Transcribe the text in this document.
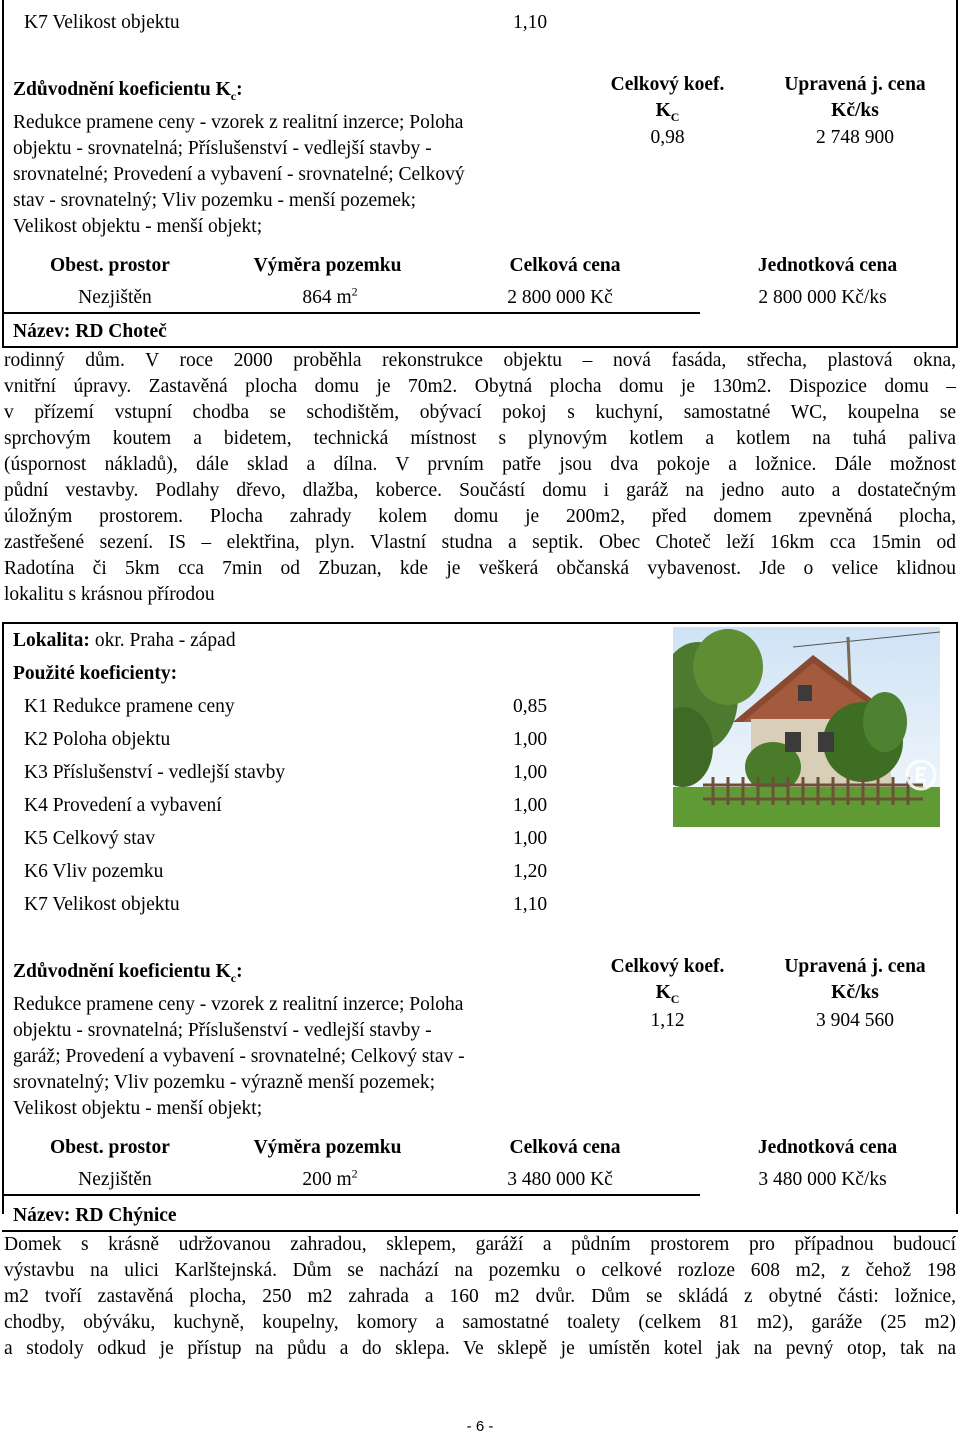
K7 Velikost objektu	1,10
Zdůvodnění koeficientu $K_c$:
Redukce pramene ceny - vzorek z realitní inzerce; Poloha
objektu - srovnatelná; Příslušenství - vedlejší stavby -
srovnatelné; Provedení a vybavení - srovnatelné; Celkový
stav - srovnatelný; Vliv pozemku - menší pozemek;
Velikost objektu - menší objekt;
Celkový koef.
$K_C$
0,98
Upravená j. cena
Kč/ks
2 748 900
Obest. prostor	Výměra pozemku	Celková cena	Jednotková cena
Nezjištěn	864 $m^2$	2 800 000 Kč	2 800 000 Kč/ks
Název: RD Choteč
rodinný dům. V roce 2000 proběhla rekonstrukce objektu – nová fasáda, střecha, plastová okna,
vnitřní úpravy. Zastavěná plocha domu je 70m2. Obytná plocha domu je 130m2. Dispozice domu –
v přízemí vstupní chodba se schodištěm, obývací pokoj s kuchyní, samostatné WC, koupelna se
sprchovým koutem a bidetem, technická místnost s plynovým kotlem a kotlem na tuhá paliva
(úspornost nákladů), dále sklad a dílna. V prvním patře jsou dva pokoje a ložnice. Dále možnost
půdní vestavby. Podlahy dřevo, dlažba, koberce. Součástí domu i garáž na jedno auto a dostatečným
úložným prostorem. Plocha zahrady kolem domu je 200m2, před domem zpevněná plocha,
zastřešené sezení. IS – elektřina, plyn. Vlastní studna a septik. Obec Choteč leží 16km cca 15min od
Radotína či 5km cca 7min od Zbuzan, kde je veškerá občanská vybavenost. Jde o velice klidnou
lokalitu s krásnou přírodou
Lokalita: okr. Praha - západ
Použité koeficienty:
K1 Redukce pramene ceny	0,85
K2 Poloha objektu	1,00
K3 Příslušenství - vedlejší stavby	1,00
K4 Provedení a vybavení	1,00
K5 Celkový stav	1,00
K6 Vliv pozemku	1,20
K7 Velikost objektu	1,10
Zdůvodnění koeficientu $K_c$:
Redukce pramene ceny - vzorek z realitní inzerce; Poloha
objektu - srovnatelná; Příslušenství - vedlejší stavby -
garáž; Provedení a vybavení - srovnatelné; Celkový stav -
srovnatelný; Vliv pozemku - výrazně menší pozemek;
Velikost objektu - menší objekt;
Celkový koef.
$K_C$
1,12
Upravená j. cena
Kč/ks
3 904 560
Obest. prostor	Výměra pozemku	Celková cena	Jednotková cena
Nezjištěn	200 $m^2$	3 480 000 Kč	3 480 000 Kč/ks
Název: RD Chýnice
Domek s krásně udržovanou zahradou, sklepem, garáží a půdním prostorem pro případnou budoucí
výstavbu na ulici Karlštejnská. Dům se nachází na pozemku o celkové rozloze 608 m2, z čehož 198
m2 tvoří zastavěná plocha, 250 m2 zahrada a 160 m2 dvůr. Dům se skládá z obytné části: ložnice,
chodby, obýváku, kuchyně, koupelny, komory a samostatné toalety (celkem 81 m2), garáže (25 m2)
a stodoly odkud je přístup na půdu a do sklepa. Ve sklepě je umístěn kotel jak na pevný otop, tak na
- 6 -
